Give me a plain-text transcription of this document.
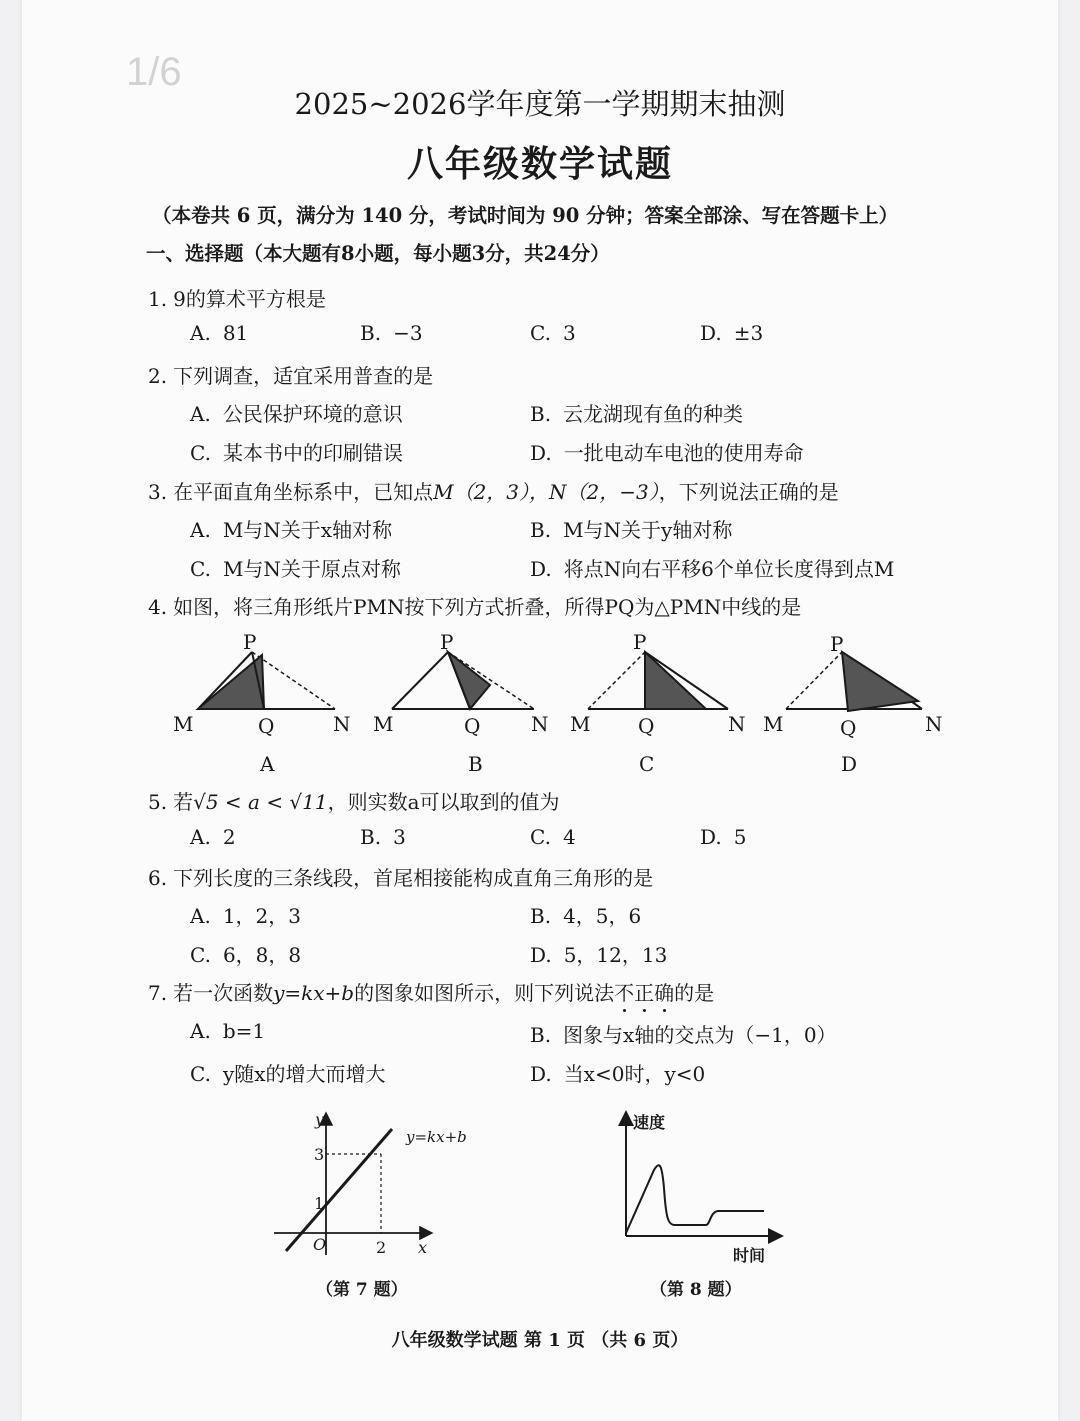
1/6
2025~2026学年度第一学期期末抽测
八年级数学试题
（本卷共 6 页，满分为 140 分，考试时间为 90 分钟；答案全部涂、写在答题卡上）
一、选择题（本大题有8小题，每小题3分，共24分）
1. 9的算术平方根是
A. 81	B. −3	C. 3	D. ±3
2. 下列调查，适宜采用普查的是
A. 公民保护环境的意识	B. 云龙湖现有鱼的种类
C. 某本书中的印刷错误	D. 一批电动车电池的使用寿命
3. 在平面直角坐标系中，已知点M（2，3），N（2，−3），下列说法正确的是
A. M与N关于x轴对称	B. M与N关于y轴对称
C. M与N关于原点对称	D. 将点N向右平移6个单位长度得到点M
4. 如图，将三角形纸片PMN按下列方式折叠，所得PQ为△PMN中线的是
P
M	Q	N
P
M	Q	N
P
M Q	N
P
M	Q	N
A	B	C	D
5. 若√5 < a < √11，则实数a可以取到的值为
A. 2	B. 3	C. 4	D. 5
6. 下列长度的三条线段，首尾相接能构成直角三角形的是
A. 1，2，3	B. 4，5，6
C. 6，8，8	D. 5，12，13
7. 若一次函数y=kx+b的图象如图所示，则下列说法不正确的是
A. b=1	B. 图象与x轴的交点为（−1，0）
C. y随x的增大而增大	D. 当x<0时，y<0
y
x
O
3
1
2
y=kx+b
（第 7 题）
速度
时间
（第 8 题）
八年级数学试题 第 1 页 （共 6 页）
